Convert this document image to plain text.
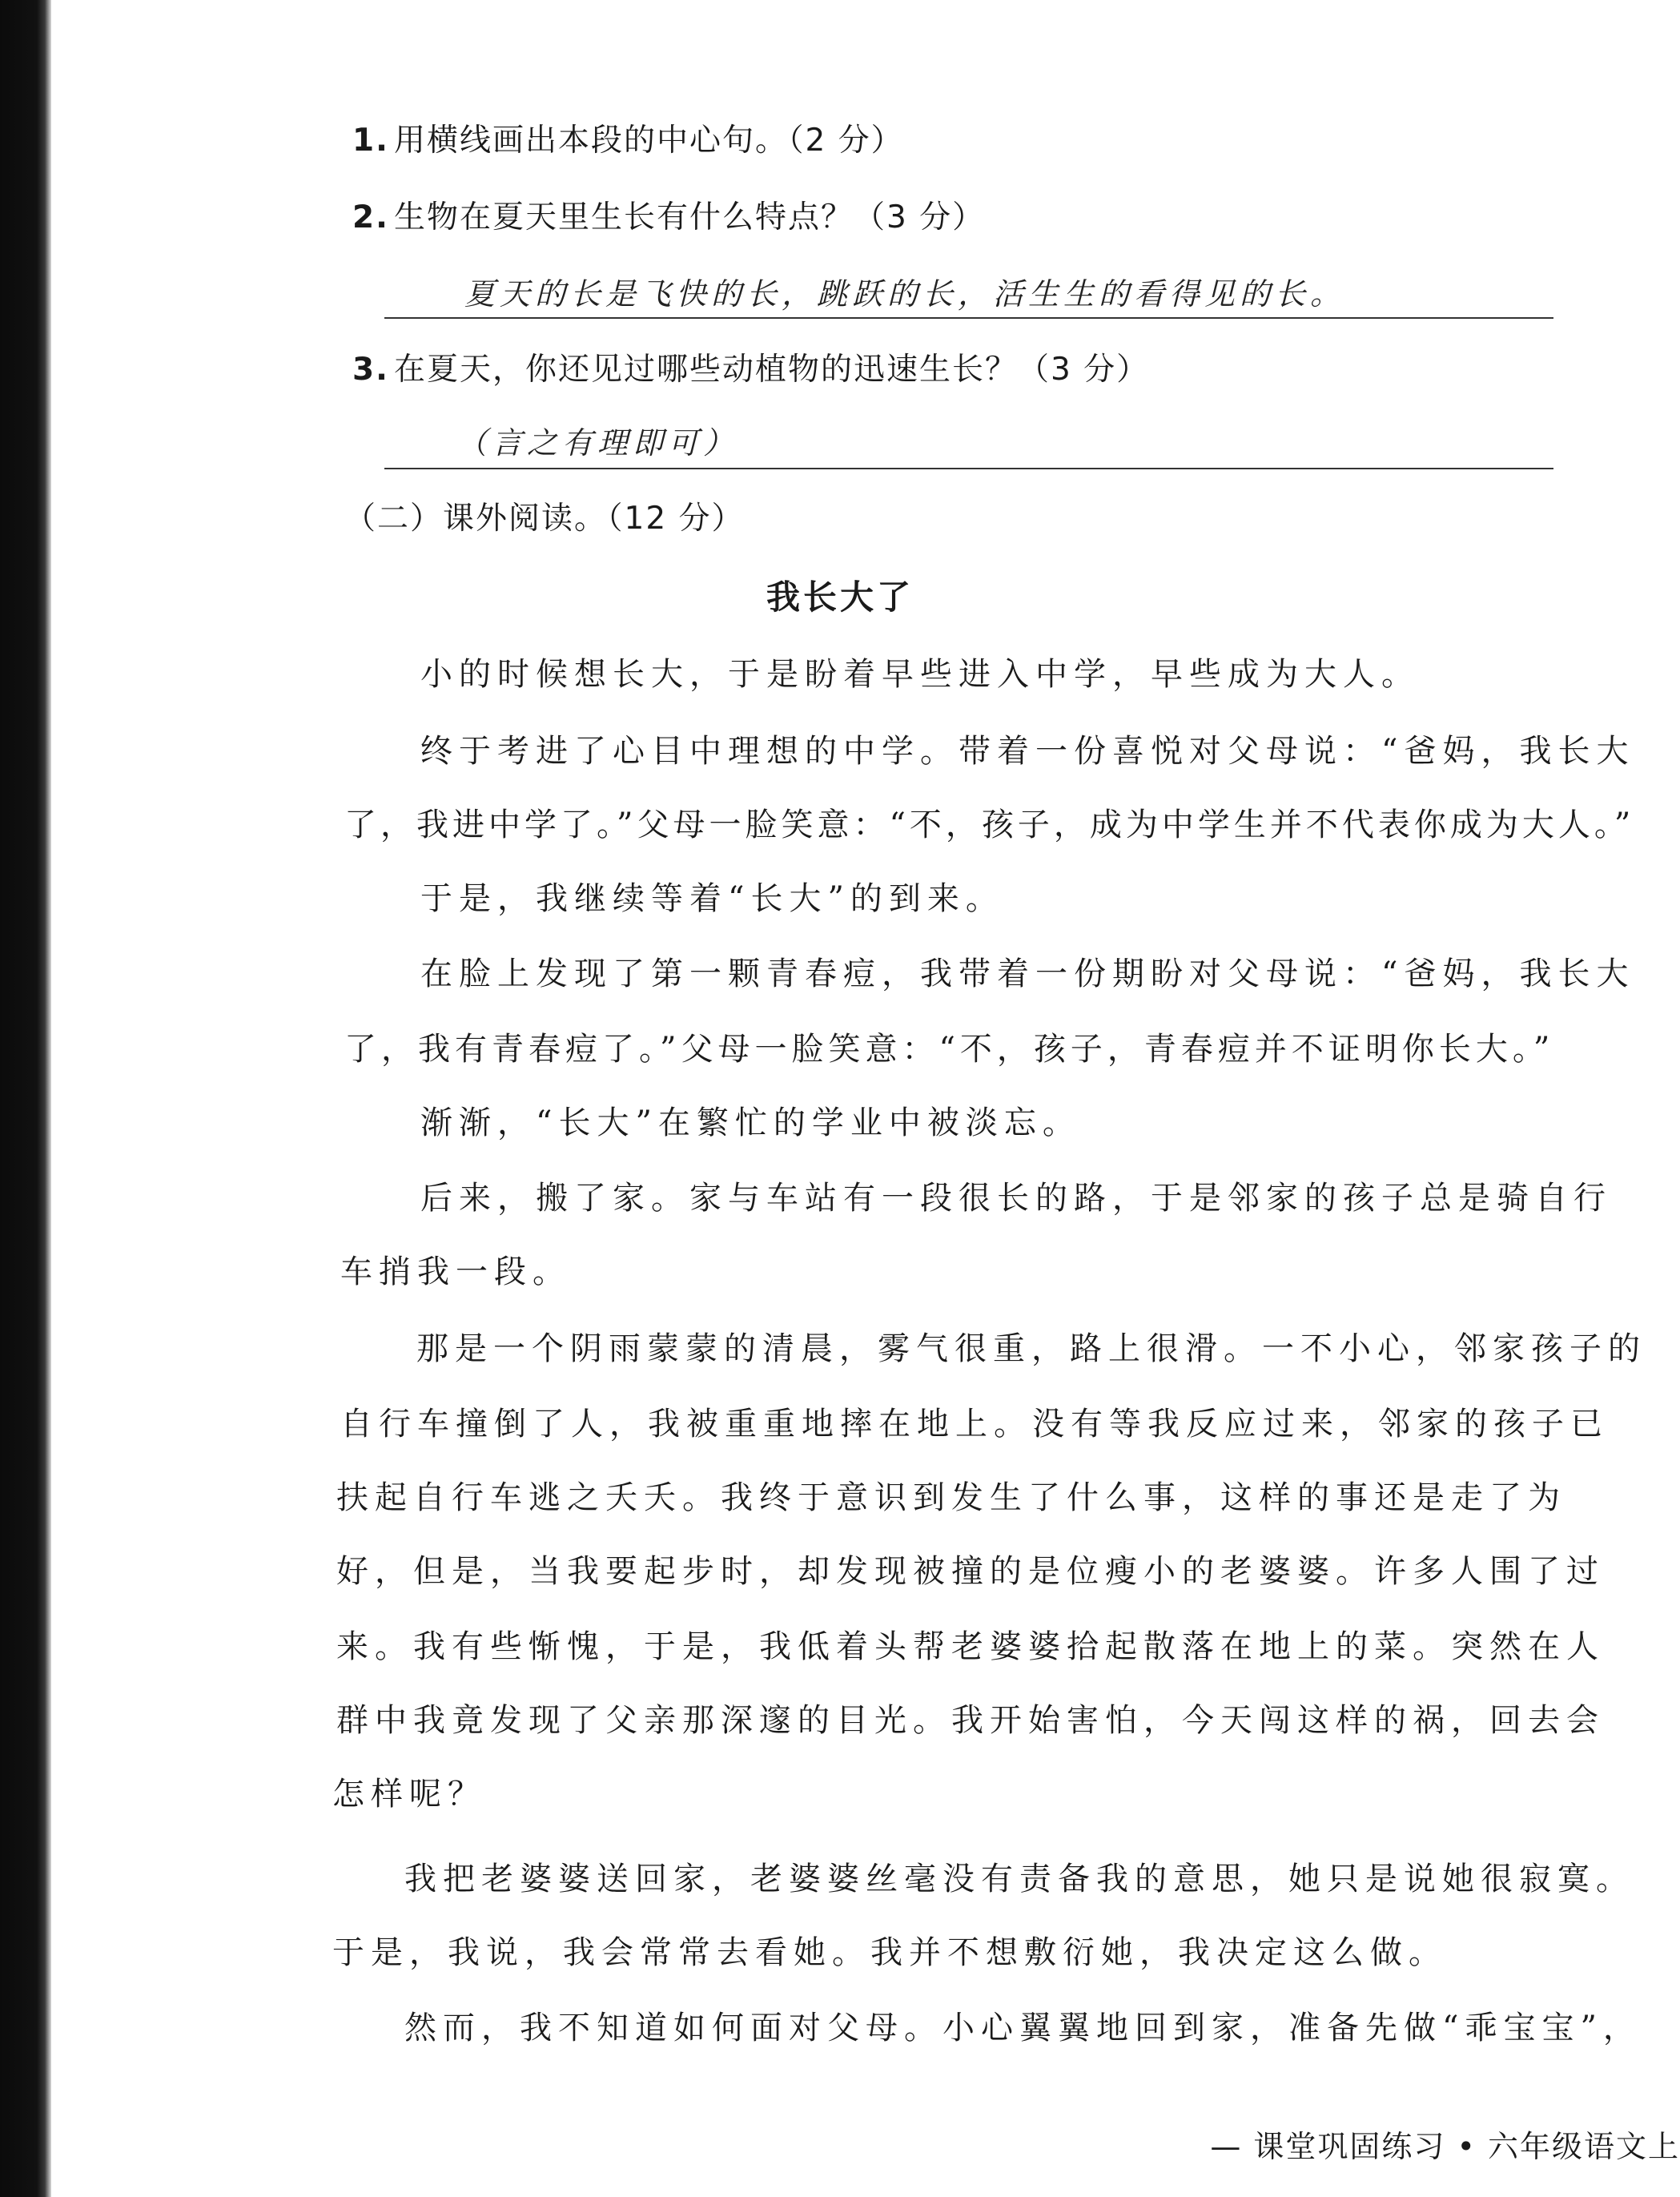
1. 用横线画出本段的中心句。（2 分）
2. 生物在夏天里生长有什么特点？（3 分）
夏天的长是飞快的长，跳跃的长，活生生的看得见的长。
3. 在夏天，你还见过哪些动植物的迅速生长？（3 分）
（言之有理即可）
（二）课外阅读。（12 分）
我长大了
小的时候想长大，于是盼着早些进入中学，早些成为大人。
终于考进了心目中理想的中学。带着一份喜悦对父母说：“爸妈，我长大
了，我进中学了。”父母一脸笑意：“不，孩子，成为中学生并不代表你成为大人。”
于是，我继续等着“长大”的到来。
在脸上发现了第一颗青春痘，我带着一份期盼对父母说：“爸妈，我长大
了，我有青春痘了。”父母一脸笑意：“不，孩子，青春痘并不证明你长大。”
渐渐，“长大”在繁忙的学业中被淡忘。
后来，搬了家。家与车站有一段很长的路，于是邻家的孩子总是骑自行
车捎我一段。
那是一个阴雨蒙蒙的清晨，雾气很重，路上很滑。一不小心，邻家孩子的
自行车撞倒了人，我被重重地摔在地上。没有等我反应过来，邻家的孩子已
扶起自行车逃之夭夭。我终于意识到发生了什么事，这样的事还是走了为
好，但是，当我要起步时，却发现被撞的是位瘦小的老婆婆。许多人围了过
来。我有些惭愧，于是，我低着头帮老婆婆拾起散落在地上的菜。突然在人
群中我竟发现了父亲那深邃的目光。我开始害怕，今天闯这样的祸，回去会
怎样呢？
我把老婆婆送回家，老婆婆丝毫没有责备我的意思，她只是说她很寂寞。
于是，我说，我会常常去看她。我并不想敷衍她，我决定这么做。
然而，我不知道如何面对父母。小心翼翼地回到家，准备先做“乖宝宝”，
— 课堂巩固练习 • 六年级语文上
